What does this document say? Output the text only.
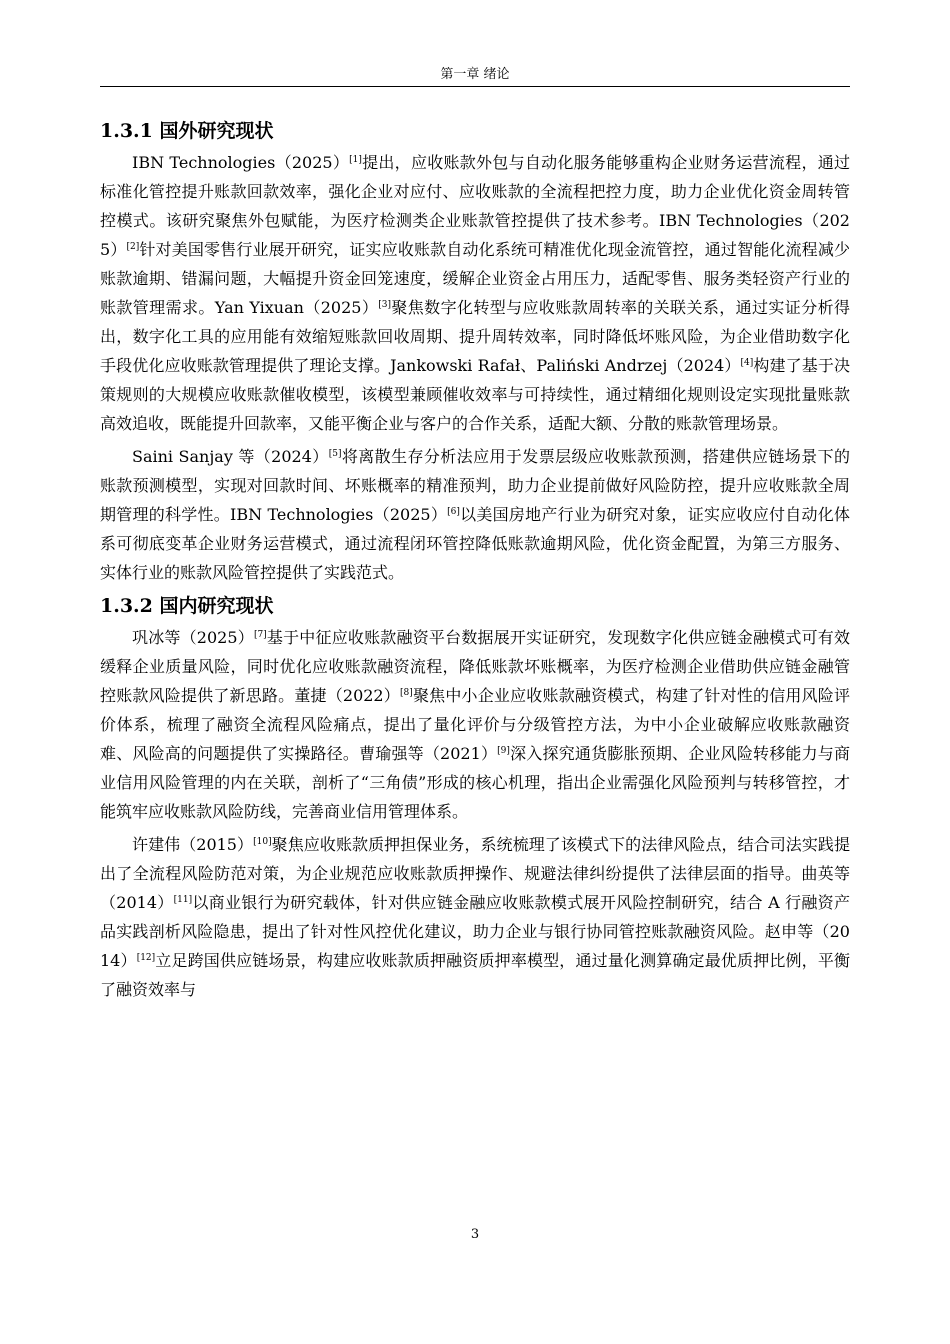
第一章 绪论
1.3.1 国外研究现状

IBN Technologies（2025）[1]提出，应收账款外包与自动化服务能够重构企业财务运营流程，通过标准化管控提升账款回款效率，强化企业对应付、应收账款的全流程把控力度，助力企业优化资金周转管控模式。该研究聚焦外包赋能，为医疗检测类企业账款管控提供了技术参考。IBN Technologies（2025）[2]针对美国零售行业展开研究，证实应收账款自动化系统可精准优化现金流管控，通过智能化流程减少账款逾期、错漏问题，大幅提升资金回笼速度，缓解企业资金占用压力，适配零售、服务类轻资产行业的账款管理需求。Yan Yixuan（2025）[3]聚焦数字化转型与应收账款周转率的关联关系，通过实证分析得出，数字化工具的应用能有效缩短账款回收周期、提升周转效率，同时降低坏账风险，为企业借助数字化手段优化应收账款管理提供了理论支撑。Jankowski Rafał、Paliński Andrzej（2024）[4]构建了基于决策规则的大规模应收账款催收模型，该模型兼顾催收效率与可持续性，通过精细化规则设定实现批量账款高效追收，既能提升回款率，又能平衡企业与客户的合作关系，适配大额、分散的账款管理场景。

Saini Sanjay 等（2024）[5]将离散生存分析法应用于发票层级应收账款预测，搭建供应链场景下的账款预测模型，实现对回款时间、坏账概率的精准预判，助力企业提前做好风险防控，提升应收账款全周期管理的科学性。IBN Technologies（2025）[6]以美国房地产行业为研究对象，证实应收应付自动化体系可彻底变革企业财务运营模式，通过流程闭环管控降低账款逾期风险，优化资金配置，为第三方服务、实体行业的账款风险管控提供了实践范式。

1.3.2 国内研究现状

巩冰等（2025）[7]基于中征应收账款融资平台数据展开实证研究，发现数字化供应链金融模式可有效缓释企业质量风险，同时优化应收账款融资流程，降低账款坏账概率，为医疗检测企业借助供应链金融管控账款风险提供了新思路。董捷（2022）[8]聚焦中小企业应收账款融资模式，构建了针对性的信用风险评价体系，梳理了融资全流程风险痛点，提出了量化评价与分级管控方法，为中小企业破解应收账款融资难、风险高的问题提供了实操路径。曹瑜强等（2021）[9]深入探究通货膨胀预期、企业风险转移能力与商业信用风险管理的内在关联，剖析了“三角债”形成的核心机理，指出企业需强化风险预判与转移管控，才能筑牢应收账款风险防线，完善商业信用管理体系。

许建伟（2015）[10]聚焦应收账款质押担保业务，系统梳理了该模式下的法律风险点，结合司法实践提出了全流程风险防范对策，为企业规范应收账款质押操作、规避法律纠纷提供了法律层面的指导。曲英等（2014）[11]以商业银行为研究载体，针对供应链金融应收账款模式展开风险控制研究，结合 A 行融资产品实践剖析风险隐患，提出了针对性风控优化建议，助力企业与银行协同管控账款融资风险。赵申等（2014）[12]立足跨国供应链场景，构建应收账款质押融资质押率模型，通过量化测算确定最优质押比例，平衡了融资效率与

3
